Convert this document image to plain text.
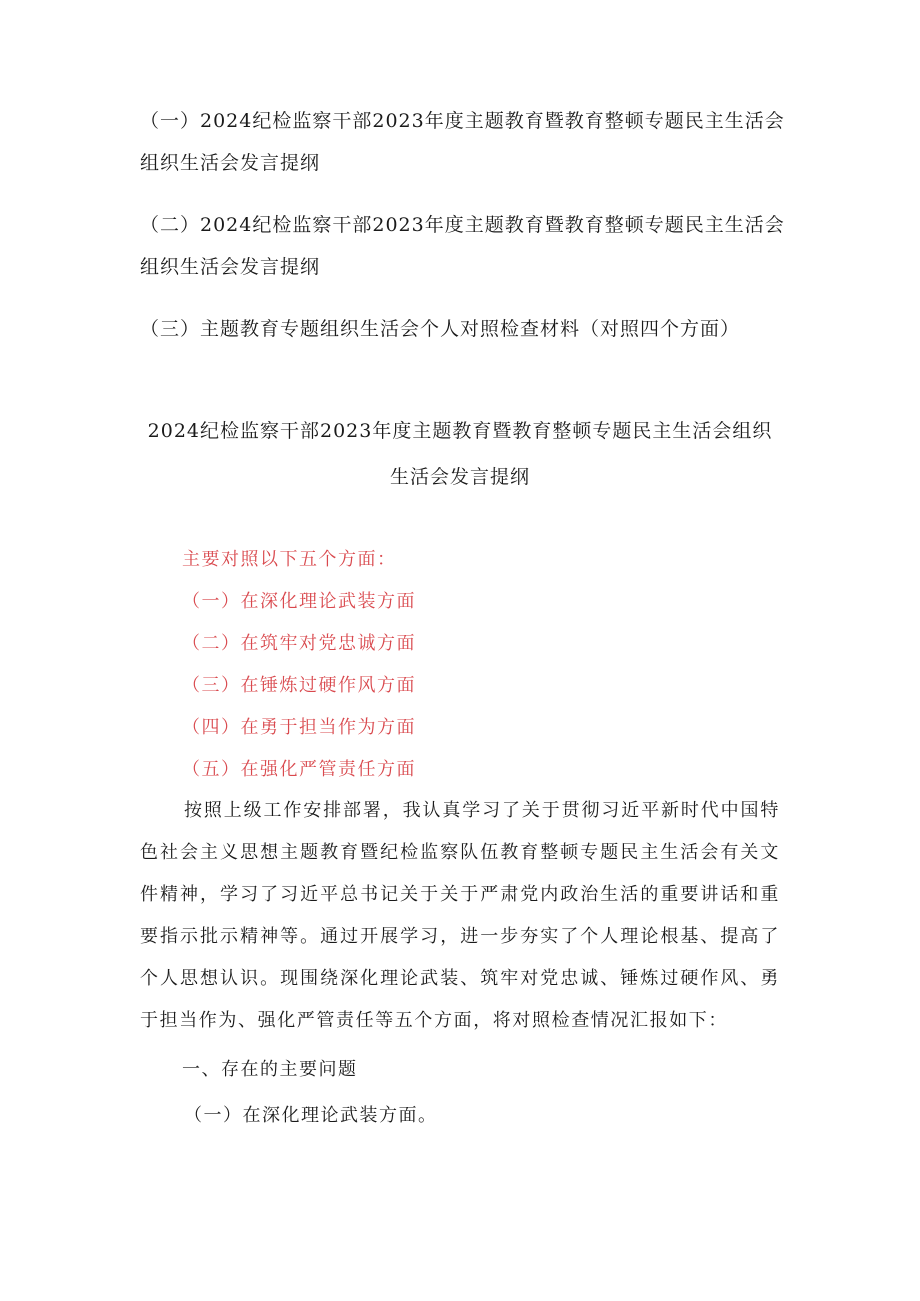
（一）2024纪检监察干部2023年度主题教育暨教育整顿专题民主生活会组织生活会发言提纲
（二）2024纪检监察干部2023年度主题教育暨教育整顿专题民主生活会组织生活会发言提纲
（三）主题教育专题组织生活会个人对照检查材料（对照四个方面）
2024纪检监察干部2023年度主题教育暨教育整顿专题民主生活会组织生活会发言提纲
主要对照以下五个方面：
（一）在深化理论武装方面
（二）在筑牢对党忠诚方面
（三）在锤炼过硬作风方面
（四）在勇于担当作为方面
（五）在强化严管责任方面
按照上级工作安排部署，我认真学习了关于贯彻习近平新时代中国特色社会主义思想主题教育暨纪检监察队伍教育整顿专题民主生活会有关文件精神，学习了习近平总书记关于关于严肃党内政治生活的重要讲话和重要指示批示精神等。通过开展学习，进一步夯实了个人理论根基、提高了个人思想认识。现围绕深化理论武装、筑牢对党忠诚、锤炼过硬作风、勇于担当作为、强化严管责任等五个方面，将对照检查情况汇报如下：
一、存在的主要问题
（一）在深化理论武装方面。
